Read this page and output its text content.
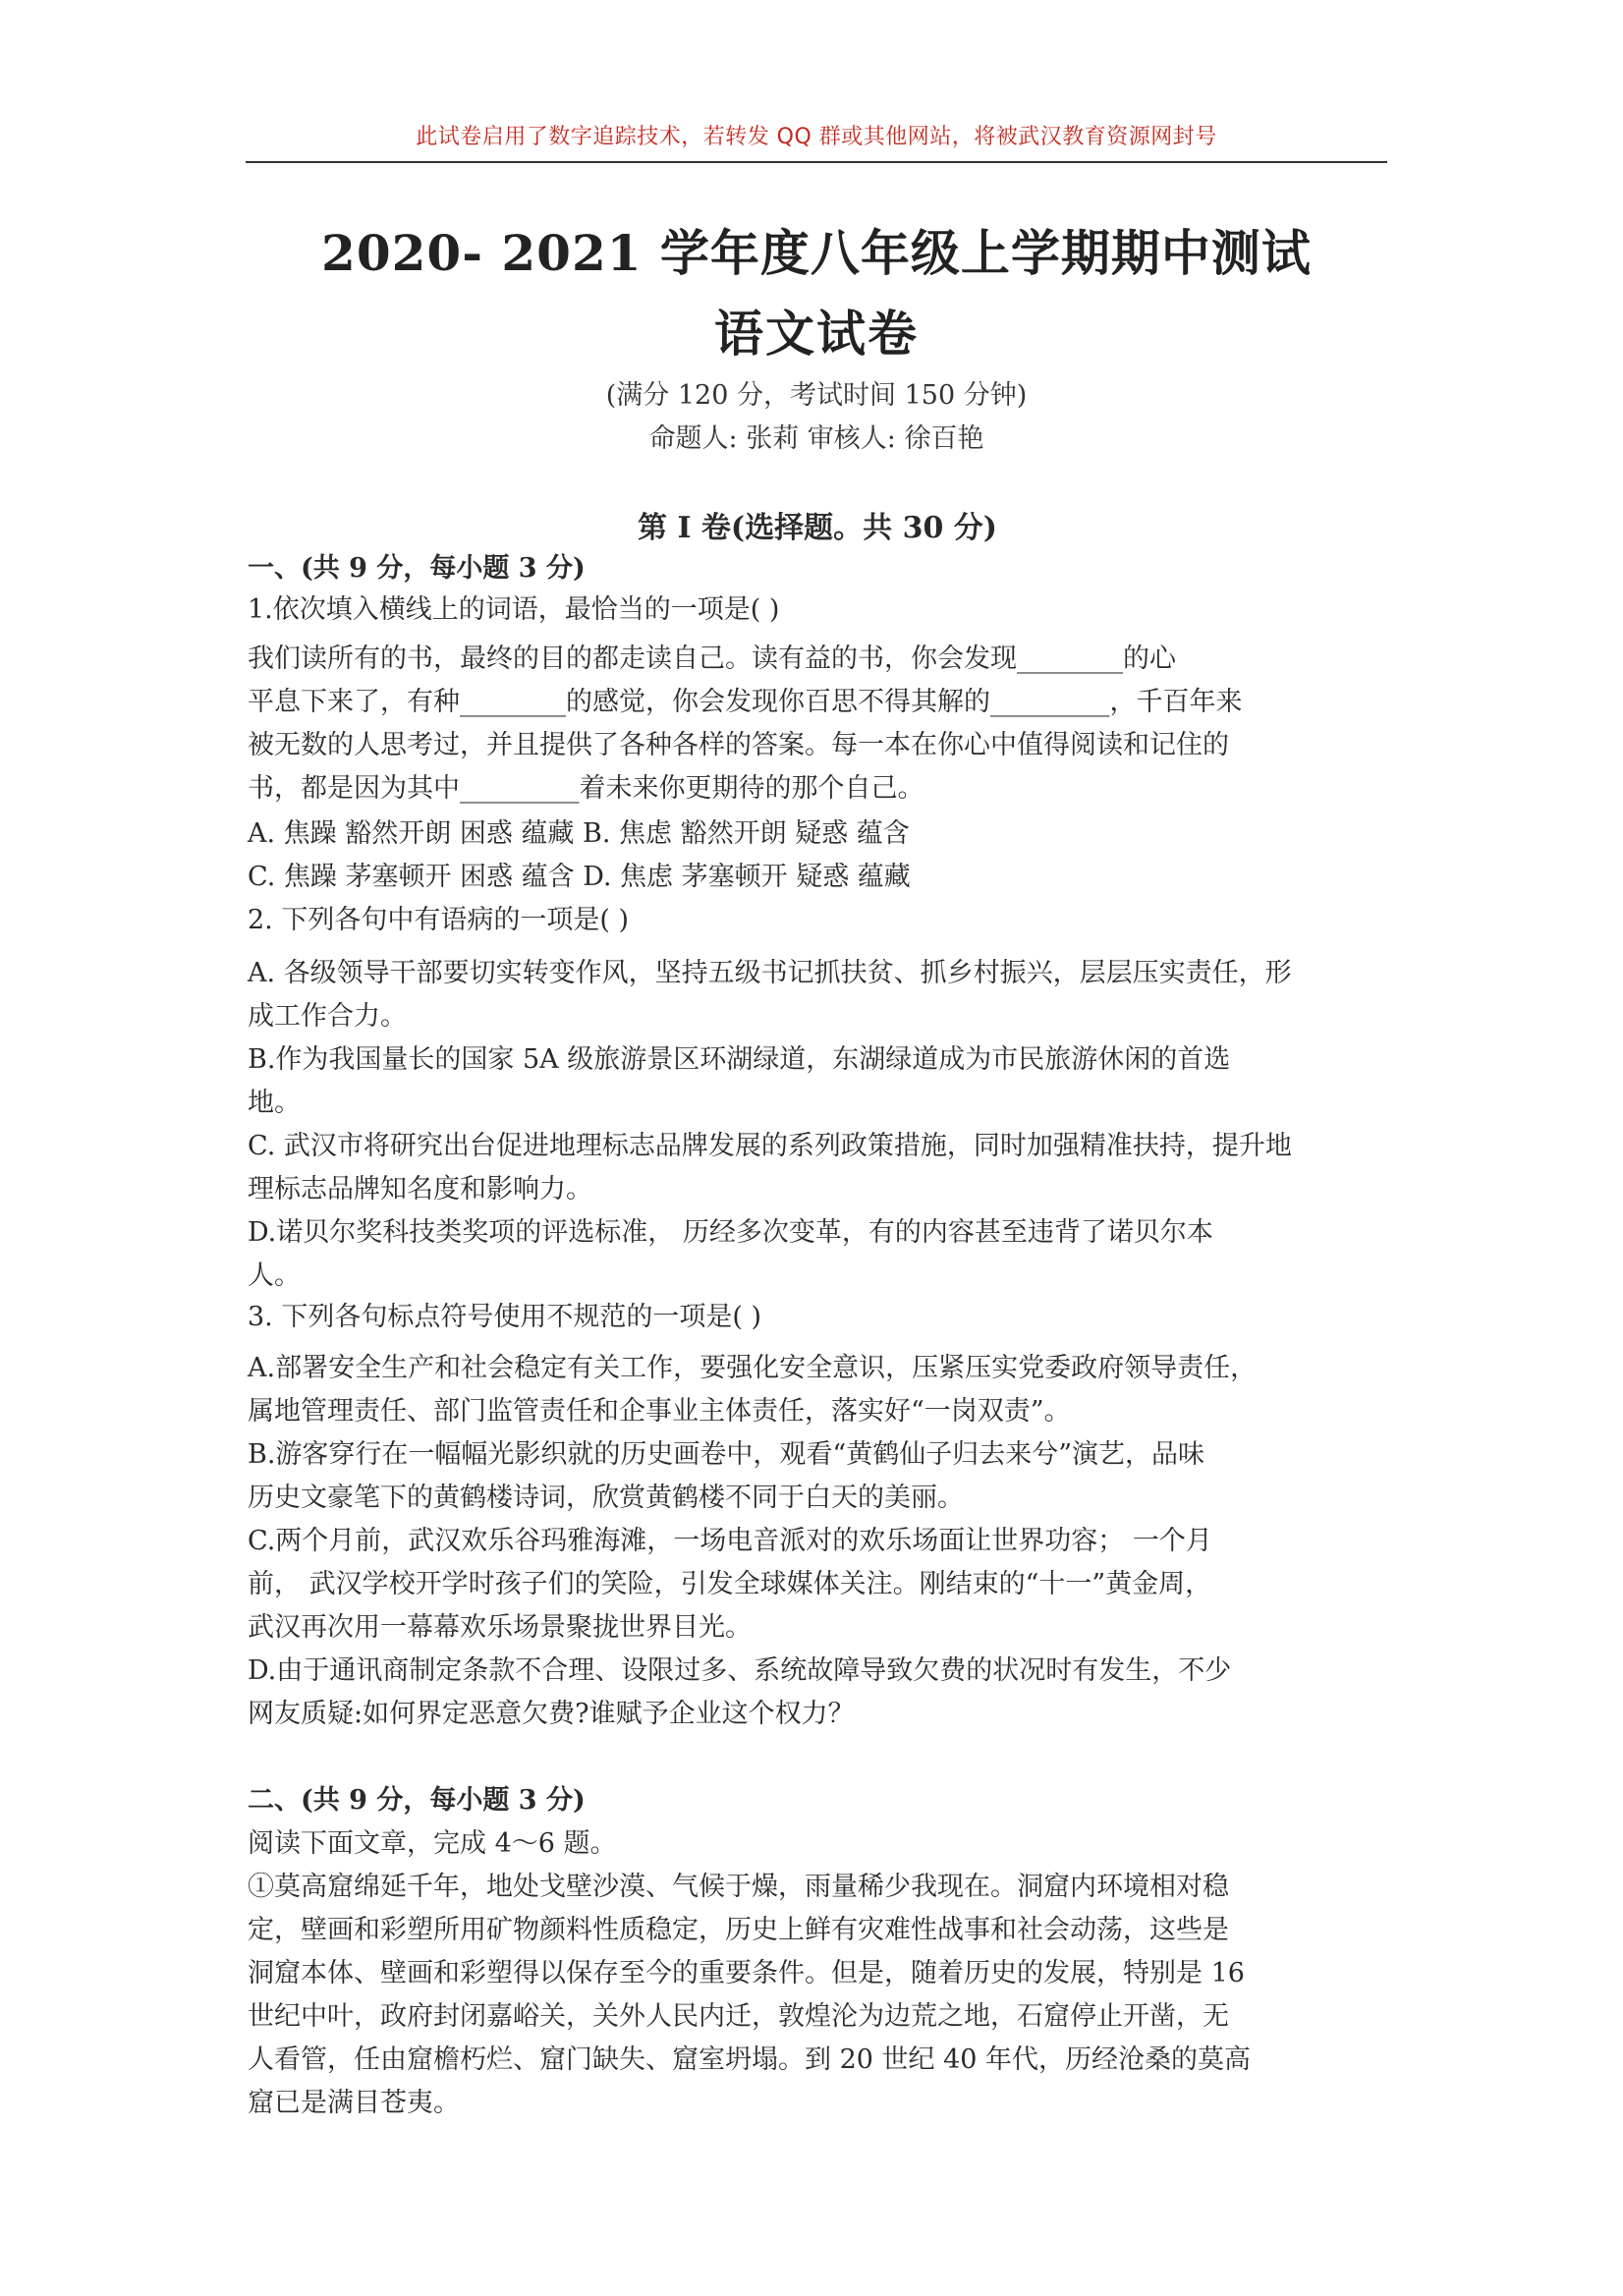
此试卷启用了数字追踪技术，若转发 QQ 群或其他网站，将被武汉教育资源网封号
2020- 2021 学年度八年级上学期期中测试
语文试卷
(满分 120 分，考试时间 150 分钟)
命题人: 张莉 审核人: 徐百艳
第 I 卷(选择题。共 30 分)
一、(共 9 分，每小题 3 分)
1.依次填入横线上的词语，最恰当的一项是( )
我们读所有的书，最终的目的都走读自己。读有益的书，你会发现________的心
平息下来了，有种________的感觉，你会发现你百思不得其解的_________，千百年来
被无数的人思考过，并且提供了各种各样的答案。每一本在你心中值得阅读和记住的
书，都是因为其中_________着未来你更期待的那个自己。
A. 焦躁 豁然开朗 困惑 蕴藏 B. 焦虑 豁然开朗 疑惑 蕴含
C. 焦躁 茅塞顿开 困惑 蕴含 D. 焦虑 茅塞顿开 疑惑 蕴藏
2. 下列各句中有语病的一项是( )
A. 各级领导干部要切实转变作风，坚持五级书记抓扶贫、抓乡村振兴，层层压实责任，形
成工作合力。
B.作为我国量长的国家 5A 级旅游景区环湖绿道，东湖绿道成为市民旅游休闲的首选
地。
C. 武汉市将研究出台促进地理标志品牌发展的系列政策措施，同时加强精准扶持，提升地
理标志品牌知名度和影响力。
D.诺贝尔奖科技类奖项的评选标准， 历经多次变革，有的内容甚至违背了诺贝尔本
人。
3. 下列各句标点符号使用不规范的一项是( )
A.部署安全生产和社会稳定有关工作，要强化安全意识，压紧压实党委政府领导责任，
属地管理责任、部门监管责任和企事业主体责任，落实好“一岗双责”。
B.游客穿行在一幅幅光影织就的历史画卷中，观看“黄鹤仙子归去来兮”演艺，品味
历史文豪笔下的黄鹤楼诗词，欣赏黄鹤楼不同于白天的美丽。
C.两个月前，武汉欢乐谷玛雅海滩，一场电音派对的欢乐场面让世界功容； 一个月
前， 武汉学校开学时孩子们的笑险，引发全球媒体关注。刚结束的“十一”黄金周，
武汉再次用一幕幕欢乐场景聚拢世界目光。
D.由于通讯商制定条款不合理、设限过多、系统故障导致欠费的状况时有发生，不少
网友质疑:如何界定恶意欠费?谁赋予企业这个权力？
二、(共 9 分，每小题 3 分)
阅读下面文章，完成 4～6 题。
①莫高窟绵延千年，地处戈壁沙漠、气候于燥，雨量稀少我现在。洞窟内环境相对稳
定，壁画和彩塑所用矿物颜料性质稳定，历史上鲜有灾难性战事和社会动荡，这些是
洞窟本体、壁画和彩塑得以保存至今的重要条件。但是，随着历史的发展，特别是 16
世纪中叶，政府封闭嘉峪关，关外人民内迁，敦煌沦为边荒之地，石窟停止开凿，无
人看管，任由窟檐朽烂、窟门缺失、窟室坍塌。到 20 世纪 40 年代，历经沧桑的莫高
窟已是满目苍夷。
